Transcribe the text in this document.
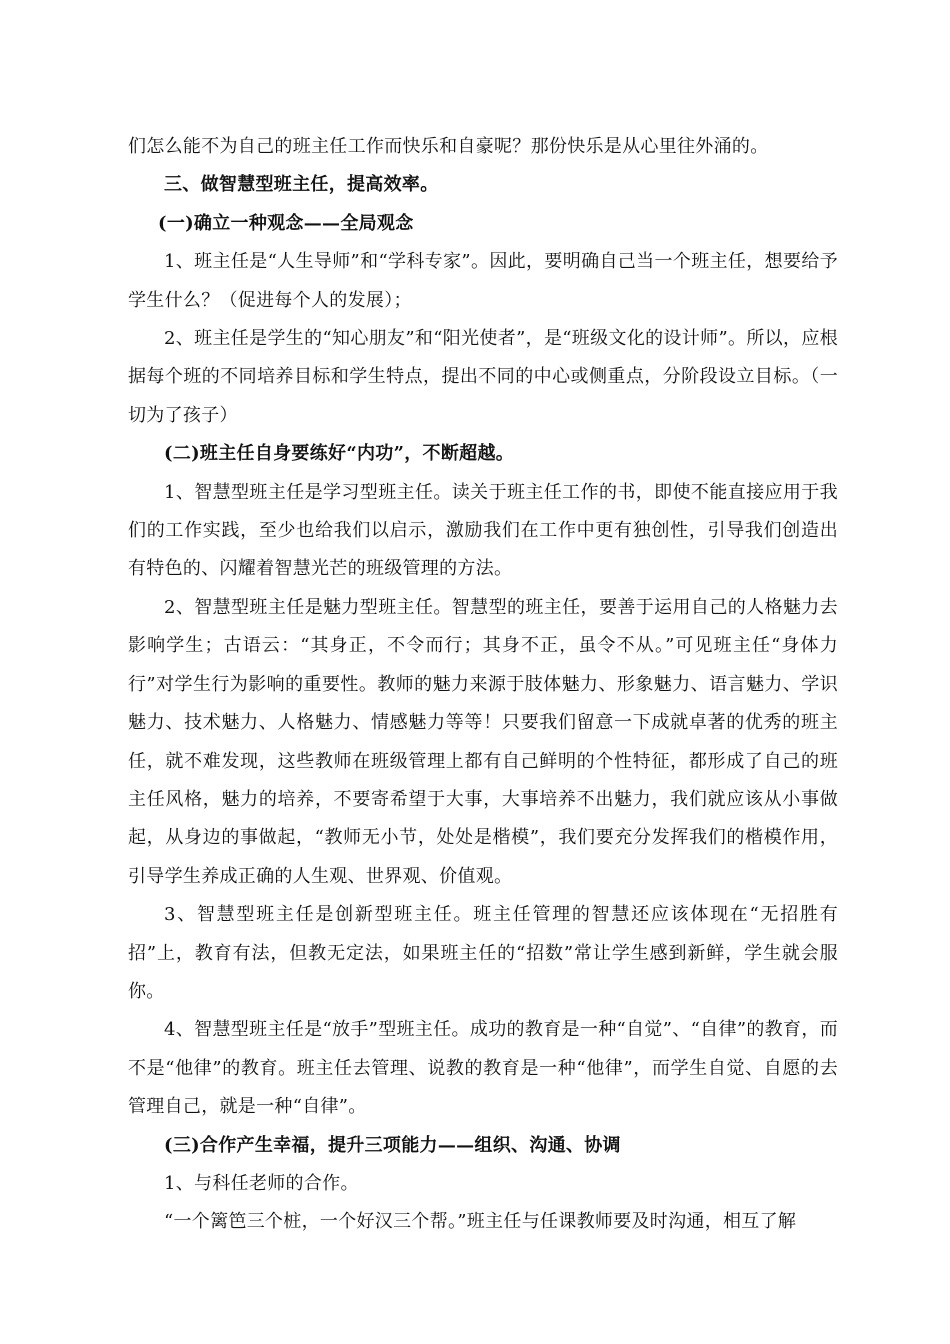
们怎么能不为自己的班主任工作而快乐和自豪呢？那份快乐是从心里往外涌的。

三、做智慧型班主任，提高效率。

(一)确立一种观念——全局观念

1、班主任是“人生导师”和“学科专家”。因此，要明确自己当一个班主任，想要给予学生什么？（促进每个人的发展）；

2、班主任是学生的“知心朋友”和“阳光使者”，是“班级文化的设计师”。所以，应根据每个班的不同培养目标和学生特点，提出不同的中心或侧重点，分阶段设立目标。（一切为了孩子）

(二)班主任自身要练好“内功”，不断超越。

1、智慧型班主任是学习型班主任。读关于班主任工作的书，即使不能直接应用于我们的工作实践，至少也给我们以启示，激励我们在工作中更有独创性，引导我们创造出有特色的、闪耀着智慧光芒的班级管理的方法。

2、智慧型班主任是魅力型班主任。智慧型的班主任，要善于运用自己的人格魅力去影响学生；古语云：“其身正，不令而行；其身不正，虽令不从。”可见班主任“身体力行”对学生行为影响的重要性。教师的魅力来源于肢体魅力、形象魅力、语言魅力、学识魅力、技术魅力、人格魅力、情感魅力等等！只要我们留意一下成就卓著的优秀的班主任，就不难发现，这些教师在班级管理上都有自己鲜明的个性特征，都形成了自己的班主任风格，魅力的培养，不要寄希望于大事，大事培养不出魅力，我们就应该从小事做起，从身边的事做起，“教师无小节，处处是楷模”，我们要充分发挥我们的楷模作用，引导学生养成正确的人生观、世界观、价值观。

3、智慧型班主任是创新型班主任。班主任管理的智慧还应该体现在“无招胜有招”上，教育有法，但教无定法，如果班主任的“招数”常让学生感到新鲜，学生就会服你。

4、智慧型班主任是“放手”型班主任。成功的教育是一种“自觉”、“自律”的教育，而不是“他律”的教育。班主任去管理、说教的教育是一种“他律”，而学生自觉、自愿的去管理自己，就是一种“自律”。

(三)合作产生幸福，提升三项能力——组织、沟通、协调

1、与科任老师的合作。

“一个篱笆三个桩，一个好汉三个帮。”班主任与任课教师要及时沟通，相互了解
